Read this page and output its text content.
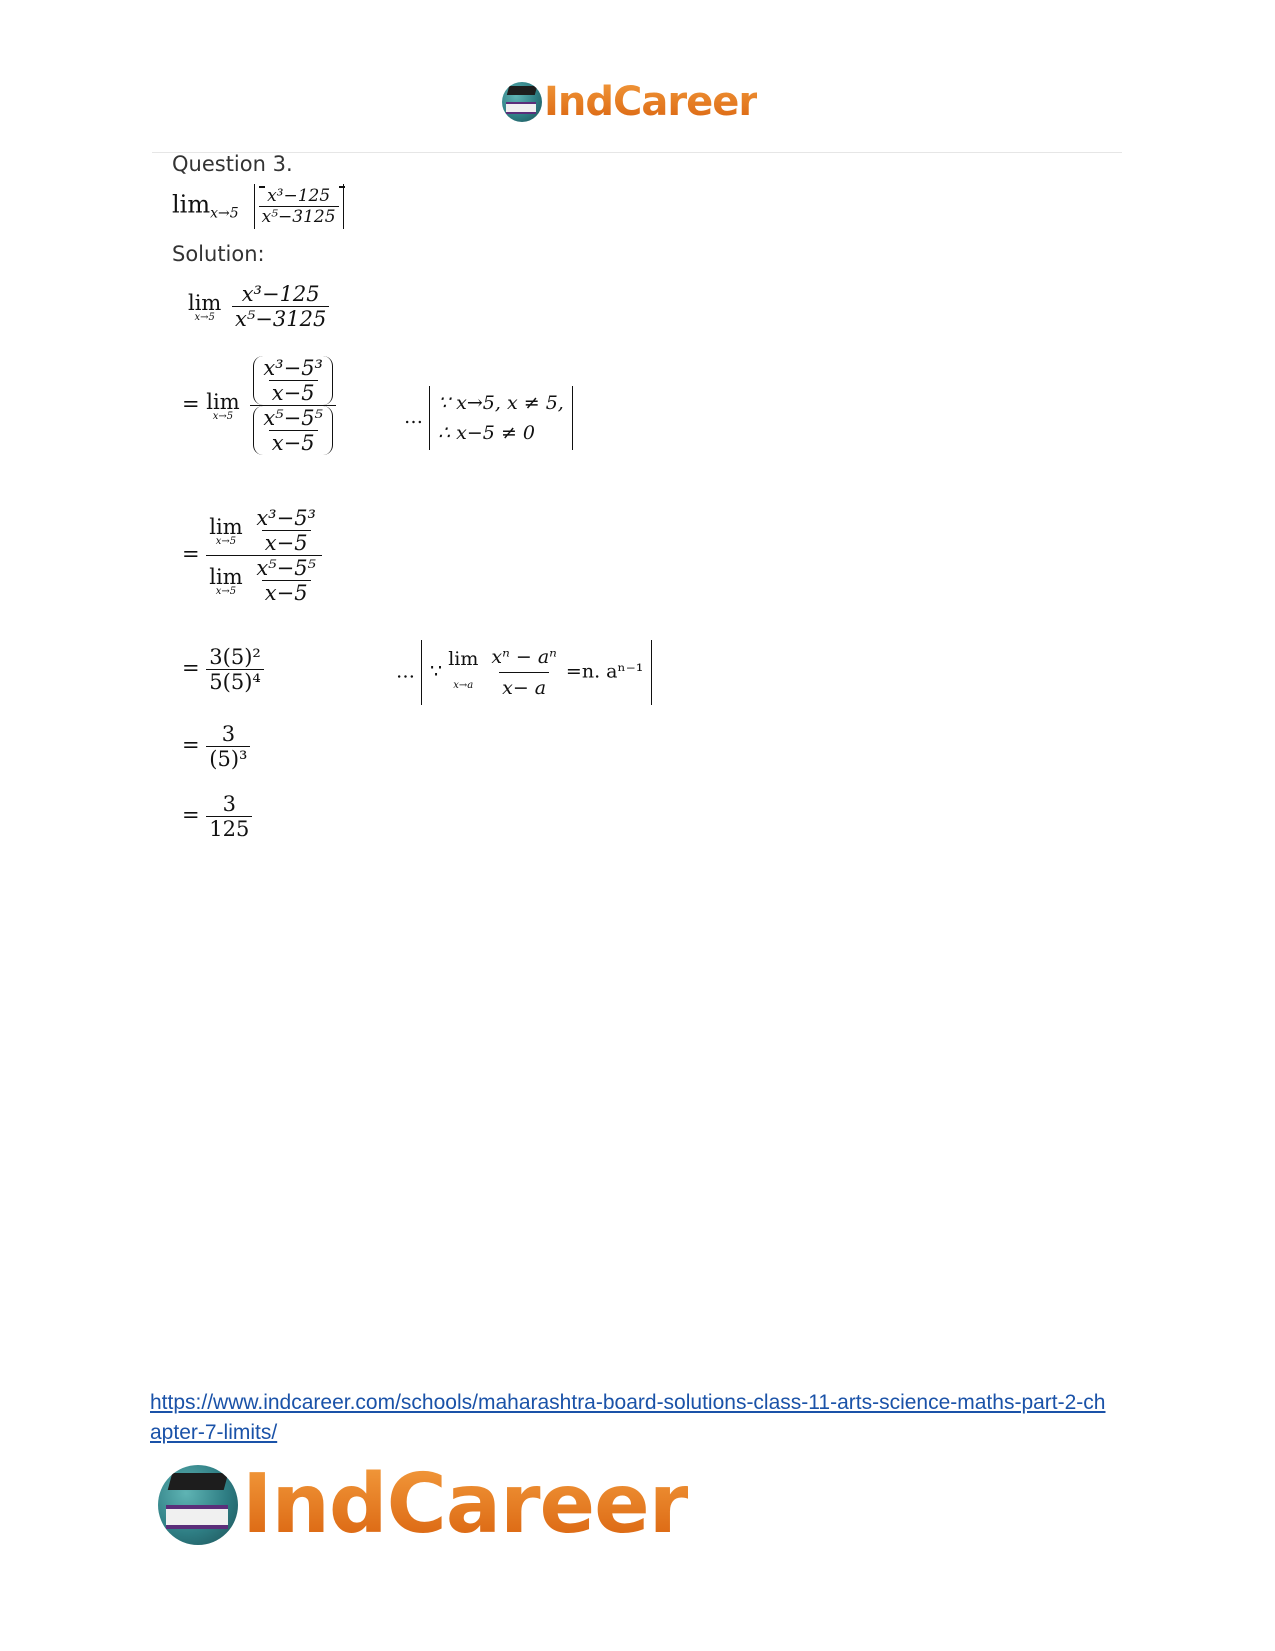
IndCareer
Question 3.
$\lim_{x\to 5} \frac{\text{x³−125}}{\text{x⁵−3125}}$
Solution:
lim
x→5
$\frac{\text{x³−125}}{\text{x⁵−3125}}$
= lim
x→5
$\frac{\frac{\text{x³−5³}}{x-5}}{\frac{\text{x⁵−5⁵}}{x-5}}$	… ∵ x→5, x ≠ 5,
∴ x−5 ≠ 0
= lim
x→5
$\frac{\text{x³−5³}}{x-5}$
lim
x→5
$\frac{\text{x⁵−5⁵}}{x-5}$
= $\frac{\text{3(5)²}}{\text{5(5)⁴}}$	… ∵
lim
x→a
$\frac{\text{xⁿ − aⁿ}}{x- a} =n$. aⁿ⁻¹
= $\frac{3}{\text{(5)³}}$
= $\frac{3}{125}$
https://www.indcareer.com/schools/maharashtra-board-solutions-class-11-arts-science-maths-part-2-chapter-7-limits/
IndCareer
